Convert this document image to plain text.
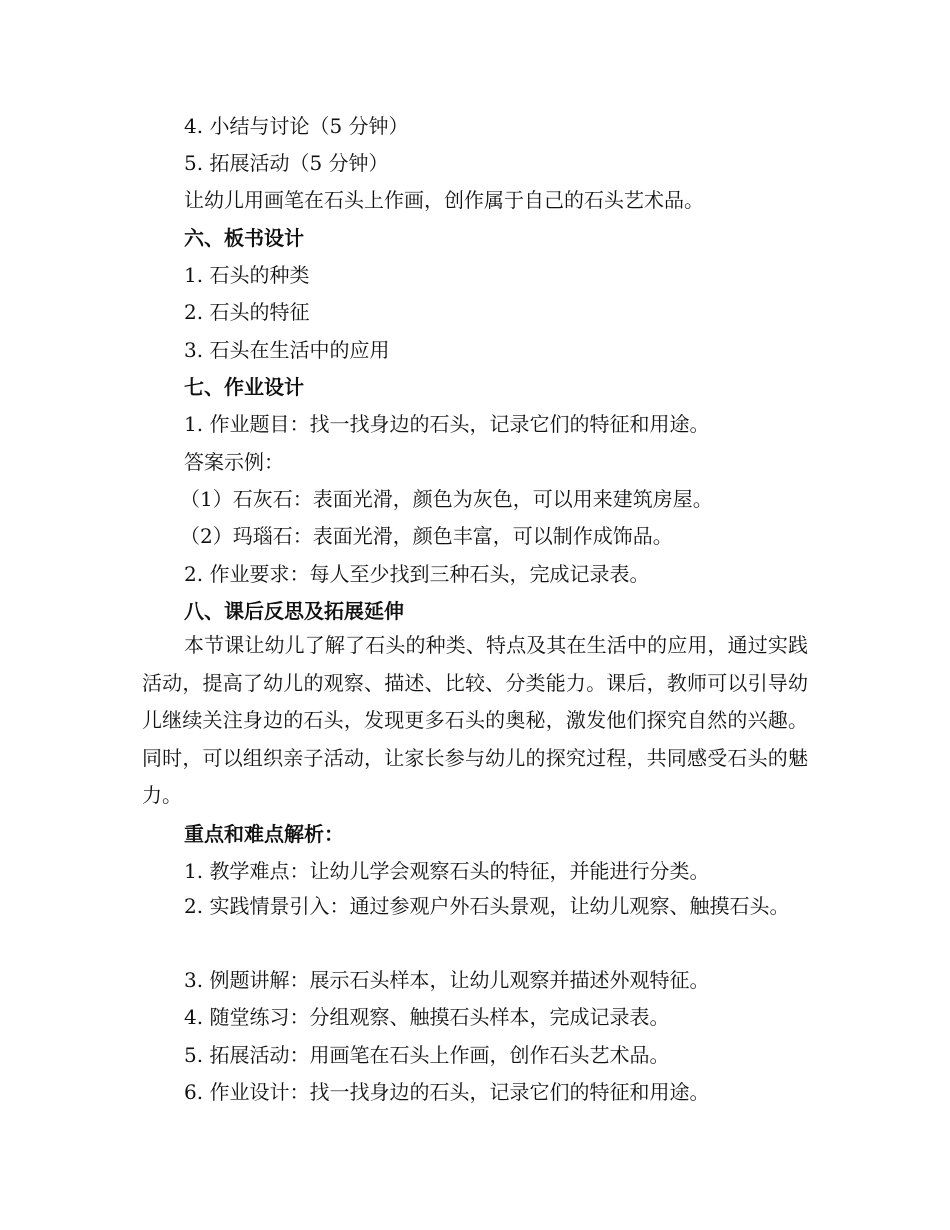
4. 小结与讨论（5 分钟）
5. 拓展活动（5 分钟）
让幼儿用画笔在石头上作画，创作属于自己的石头艺术品。
六、板书设计
1. 石头的种类
2. 石头的特征
3. 石头在生活中的应用
七、作业设计
1. 作业题目：找一找身边的石头，记录它们的特征和用途。
答案示例：
（1）石灰石：表面光滑，颜色为灰色，可以用来建筑房屋。
（2）玛瑙石：表面光滑，颜色丰富，可以制作成饰品。
2. 作业要求：每人至少找到三种石头，完成记录表。
八、课后反思及拓展延伸
本节课让幼儿了解了石头的种类、特点及其在生活中的应用，通过实践活动，提高了幼儿的观察、描述、比较、分类能力。课后，教师可以引导幼儿继续关注身边的石头，发现更多石头的奥秘，激发他们探究自然的兴趣。同时，可以组织亲子活动，让家长参与幼儿的探究过程，共同感受石头的魅力。
重点和难点解析：
1. 教学难点：让幼儿学会观察石头的特征，并能进行分类。
2. 实践情景引入：通过参观户外石头景观，让幼儿观察、触摸石头。
3. 例题讲解：展示石头样本，让幼儿观察并描述外观特征。
4. 随堂练习：分组观察、触摸石头样本，完成记录表。
5. 拓展活动：用画笔在石头上作画，创作石头艺术品。
6. 作业设计：找一找身边的石头，记录它们的特征和用途。
